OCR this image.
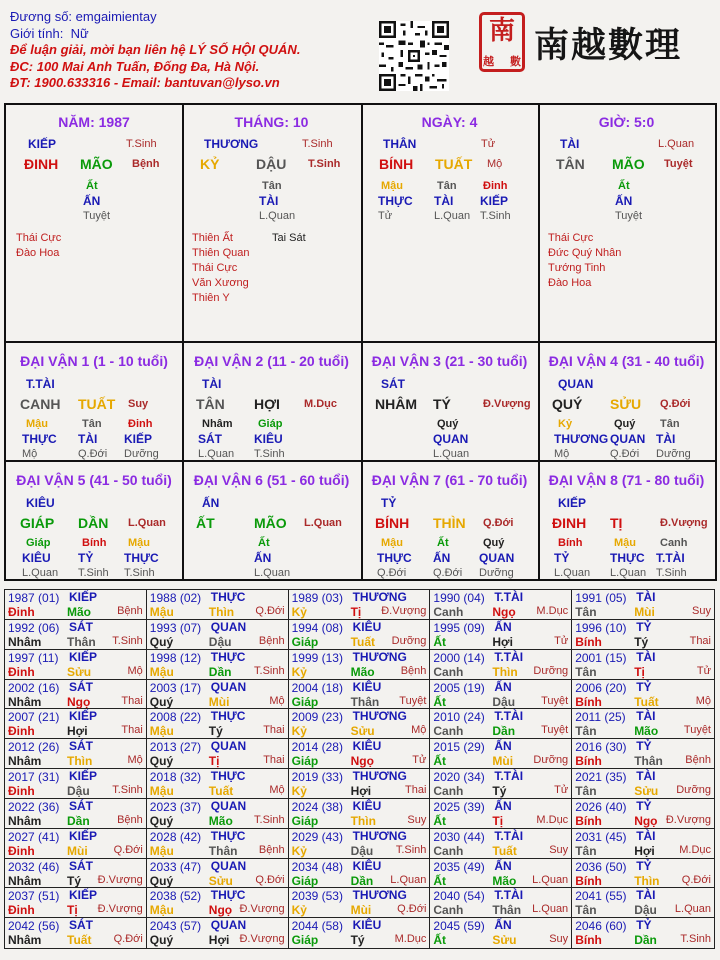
Đương số: emgaimientay
Giới tính: Nữ
Để luận giải, mời bạn liên hệ LÝ SỐ HỘI QUÁN.
ĐC: 100 Mai Anh Tuấn, Đống Đa, Hà Nội.
ĐT: 1900.633316 - Email: bantuvan@lyso.vn
南
越 數 南越數理
NĂM: 1987
KIẾP	T.Sinh
ĐINH MÃO Bệnh
Ất
ẤN
Tuyệt
Thái Cực
Đào Hoa
THÁNG: 10
THƯƠNG	T.Sinh
KỶ	DẬU T.Sinh
Tân
TÀI
L.Quan
Thiên Ất
Thiên Quan
Thái Cực
Văn Xương
Thiên Y
Tai Sát
NGÀY: 4
THÂN	Tử
BÍNH TUẤT Mộ
Mậu
THỰC
Tử
Tân
TÀI
L.Quan
Đinh
KIẾP
T.Sinh
GIỜ: 5:0
TÀI	L.Quan
TÂN MÃO Tuyệt
Ất
ẤN
Tuyệt
Thái Cực
Đức Quý Nhân
Tướng Tinh
Đào Hoa
ĐẠI VẬN 1 (1 - 10 tuổi)
T.TÀI
CANH TUẤT Suy
Mậu
THỰC
Mộ
Tân
TÀI
Q.Đới
Đinh
KIẾP
Dưỡng
ĐẠI VẬN 2 (11 - 20 tuổi)
TÀI
TÂN HỢI M.Dục
Nhâm
SÁT
L.Quan
Giáp
KIÊU
T.Sinh
ĐẠI VẬN 3 (21 - 30 tuổi)
SÁT
NHÂM TÝ	Đ.Vượng
Quý
QUAN
L.Quan
ĐẠI VẬN 4 (31 - 40 tuổi)
QUAN
QUÝ SỬU Q.Đới
Kỷ
THƯƠNG
Mộ
Quý
QUAN
Q.Đới
Tân
TÀI
Dưỡng
ĐẠI VẬN 5 (41 - 50 tuổi)
KIÊU
GIÁP DẦN L.Quan
Giáp
KIÊU
L.Quan
Bính
TỶ
T.Sinh
Mậu
THỰC
T.Sinh
ĐẠI VẬN 6 (51 - 60 tuổi)
ẤN
ẤT	MÃO L.Quan
Ất
ẤN
L.Quan
ĐẠI VẬN 7 (61 - 70 tuổi)
TỶ
BÍNH THÌN Q.Đới
Mậu
THỰC
Q.Đới
Ất
ẤN
Q.Đới
Quý
QUAN
Dưỡng
ĐẠI VẬN 8 (71 - 80 tuổi)
KIẾP
ĐINH TỊ	Đ.Vượng
Bính
TỶ
L.Quan
Mậu
THỰC
L.Quan
Canh
T.TÀI
T.Sinh
1987 (01) KIẾP
Đinh	Mão Bệnh
1988 (02) THỰC
Mậu	Thìn Q.Đới
1989 (03) THƯƠNG
Kỷ	Tị Đ.Vượng
1990 (04) T.TÀI
Canh Ngọ M.Dục
1991 (05) TÀI
Tân	Mùi	Suy
1992 (06) SÁT
Nhâm Thân T.Sinh
1993 (07) QUAN
Quý	Dậu Bệnh
1994 (08) KIÊU
Giáp	Tuất Dưỡng
1995 (09) ẤN
Ất	Hợi	Tử
1996 (10) TỶ
Bính	Tý	Thai
1997 (11) KIẾP
Đinh	Sửu	Mộ
1998 (12) THỰC
Mậu	Dần T.Sinh
1999 (13) THƯƠNG
Kỷ	Mão Bệnh
2000 (14) T.TÀI
Canh Thìn Dưỡng
2001 (15) TÀI
Tân	Tị	Tử
2002 (16) SÁT
Nhâm Ngọ	Thai
2003 (17) QUAN
Quý	Mùi	Mộ
2004 (18) KIÊU
Giáp	Thân Tuyệt
2005 (19) ẤN
Ất	Dậu Tuyệt
2006 (20) TỶ
Bính	Tuất	Mộ
2007 (21) KIẾP
Đinh	Hợi	Thai
2008 (22) THỰC
Mậu	Tý	Thai
2009 (23) THƯƠNG
Kỷ	Sửu	Mộ
2010 (24) T.TÀI
Canh Dần Tuyệt
2011 (25) TÀI
Tân	Mão Tuyệt
2012 (26) SÁT
Nhâm Thìn	Mộ
2013 (27) QUAN
Quý	Tị	Thai
2014 (28) KIÊU
Giáp	Ngọ	Tử
2015 (29) ẤN
Ất	Mùi Dưỡng
2016 (30) TỶ
Bính	Thân Bệnh
2017 (31) KIẾP
Đinh	Dậu T.Sinh
2018 (32) THỰC
Mậu	Tuất	Mộ
2019 (33) THƯƠNG
Kỷ	Hợi	Thai
2020 (34) T.TÀI
Canh Tý	Tử
2021 (35) TÀI
Tân	Sửu Dưỡng
2022 (36) SÁT
Nhâm Dần Bệnh
2023 (37) QUAN
Quý	Mão T.Sinh
2024 (38) KIÊU
Giáp	Thìn	Suy
2025 (39) ẤN
Ất	Tị	M.Dục
2026 (40) TỶ
Bính	Ngọ Đ.Vượng
2027 (41) KIẾP
Đinh	Mùi Q.Đới
2028 (42) THỰC
Mậu	Thân Bệnh
2029 (43) THƯƠNG
Kỷ	Dậu T.Sinh
2030 (44) T.TÀI
Canh Tuất	Suy
2031 (45) TÀI
Tân	Hợi M.Dục
2032 (46) SÁT
Nhâm Tý Đ.Vượng
2033 (47) QUAN
Quý	Sửu Q.Đới
2034 (48) KIÊU
Giáp	Dần L.Quan
2035 (49) ẤN
Ất	Mão L.Quan
2036 (50) TỶ
Bính	Thìn Q.Đới
2037 (51) KIẾP
Đinh	Tị Đ.Vượng
2038 (52) THỰC
Mậu	Ngọ Đ.Vượng
2039 (53) THƯƠNG
Kỷ	Mùi Q.Đới
2040 (54) T.TÀI
Canh Thân L.Quan
2041 (55) TÀI
Tân	Dậu L.Quan
2042 (56) SÁT
Nhâm Tuất Q.Đới
2043 (57) QUAN
Quý	Hợi Đ.Vượng
2044 (58) KIÊU
Giáp	Tý	M.Dục
2045 (59) ẤN
Ất	Sửu	Suy
2046 (60) TỶ
Bính	Dần T.Sinh
